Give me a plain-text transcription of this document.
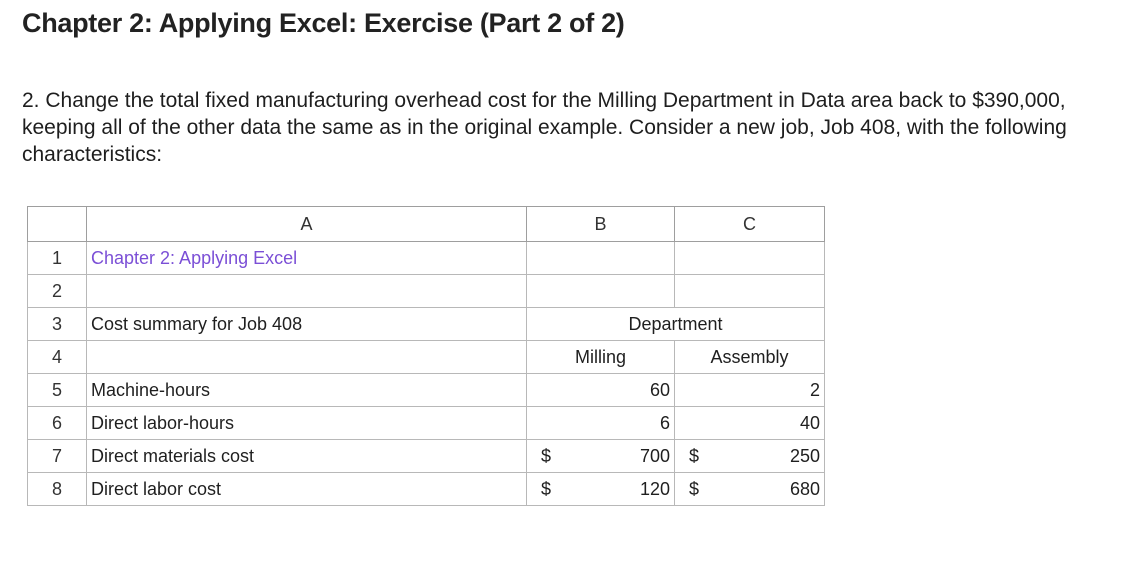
Chapter 2: Applying Excel: Exercise (Part 2 of 2)

2. Change the total fixed manufacturing overhead cost for the Milling Department in Data area back to $390,000, keeping all of the other data the same as in the original example. Consider a new job, Job 408, with the following characteristics:

	A	B	C
1	Chapter 2: Applying Excel		
2			
3	Cost summary for Job 408	Department	
4		Milling	Assembly
5	Machine-hours	60	2

6	Direct labor-hours	6	40

7	Direct materials cost	$ 700	$ 250

8	Direct labor cost	$ 120	$ 680
